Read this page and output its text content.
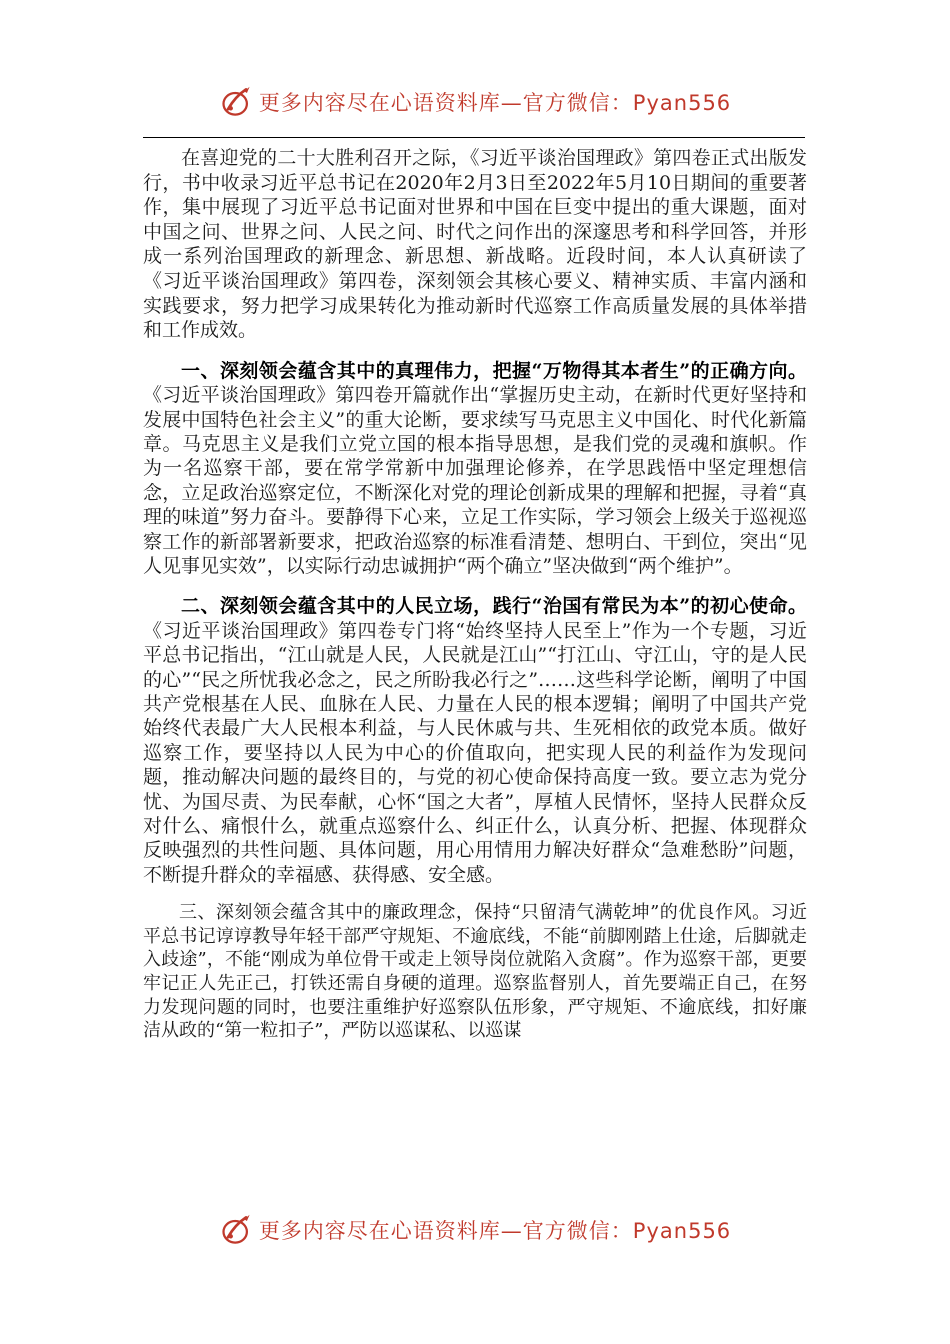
更多内容尽在心语资料库—官方微信：Pyan556

在喜迎党的二十大胜利召开之际，《习近平谈治国理政》第四卷正式出版发行，书中收录习近平总书记在2020年2月3日至2022年5月10日期间的重要著作，集中展现了习近平总书记面对世界和中国在巨变中提出的重大课题，面对中国之问、世界之问、人民之问、时代之问作出的深邃思考和科学回答，并形成一系列治国理政的新理念、新思想、新战略。近段时间，本人认真研读了《习近平谈治国理政》第四卷，深刻领会其核心要义、精神实质、丰富内涵和实践要求，努力把学习成果转化为推动新时代巡察工作高质量发展的具体举措和工作成效。

一、深刻领会蕴含其中的真理伟力，把握“万物得其本者生”的正确方向。《习近平谈治国理政》第四卷开篇就作出“掌握历史主动，在新时代更好坚持和发展中国特色社会主义”的重大论断，要求续写马克思主义中国化、时代化新篇章。马克思主义是我们立党立国的根本指导思想，是我们党的灵魂和旗帜。作为一名巡察干部，要在常学常新中加强理论修养，在学思践悟中坚定理想信念，立足政治巡察定位，不断深化对党的理论创新成果的理解和把握，寻着“真理的味道”努力奋斗。要静得下心来，立足工作实际，学习领会上级关于巡视巡察工作的新部署新要求，把政治巡察的标准看清楚、想明白、干到位，突出“见人见事见实效”，以实际行动忠诚拥护“两个确立”坚决做到“两个维护”。

二、深刻领会蕴含其中的人民立场，践行“治国有常民为本”的初心使命。《习近平谈治国理政》第四卷专门将“始终坚持人民至上”作为一个专题，习近平总书记指出，“江山就是人民，人民就是江山”“打江山、守江山，守的是人民的心”“民之所忧我必念之，民之所盼我必行之”……这些科学论断，阐明了中国共产党根基在人民、血脉在人民、力量在人民的根本逻辑；阐明了中国共产党始终代表最广大人民根本利益，与人民休戚与共、生死相依的政党本质。做好巡察工作，要坚持以人民为中心的价值取向，把实现人民的利益作为发现问题，推动解决问题的最终目的，与党的初心使命保持高度一致。要立志为党分忧、为国尽责、为民奉献，心怀“国之大者”，厚植人民情怀，坚持人民群众反对什么、痛恨什么，就重点巡察什么、纠正什么，认真分析、把握、体现群众反映强烈的共性问题、具体问题，用心用情用力解决好群众“急难愁盼”问题，不断提升群众的幸福感、获得感、安全感。

三、深刻领会蕴含其中的廉政理念，保持“只留清气满乾坤”的优良作风。习近平总书记谆谆教导年轻干部严守规矩、不逾底线，不能“前脚刚踏上仕途，后脚就走入歧途”，不能“刚成为单位骨干或走上领导岗位就陷入贪腐”。作为巡察干部，更要牢记正人先正己，打铁还需自身硬的道理。巡察监督别人，首先要端正自己，在努力发现问题的同时，也要注重维护好巡察队伍形象，严守规矩、不逾底线，扣好廉洁从政的“第一粒扣子”，严防以巡谋私、以巡谋

更多内容尽在心语资料库—官方微信：Pyan556
